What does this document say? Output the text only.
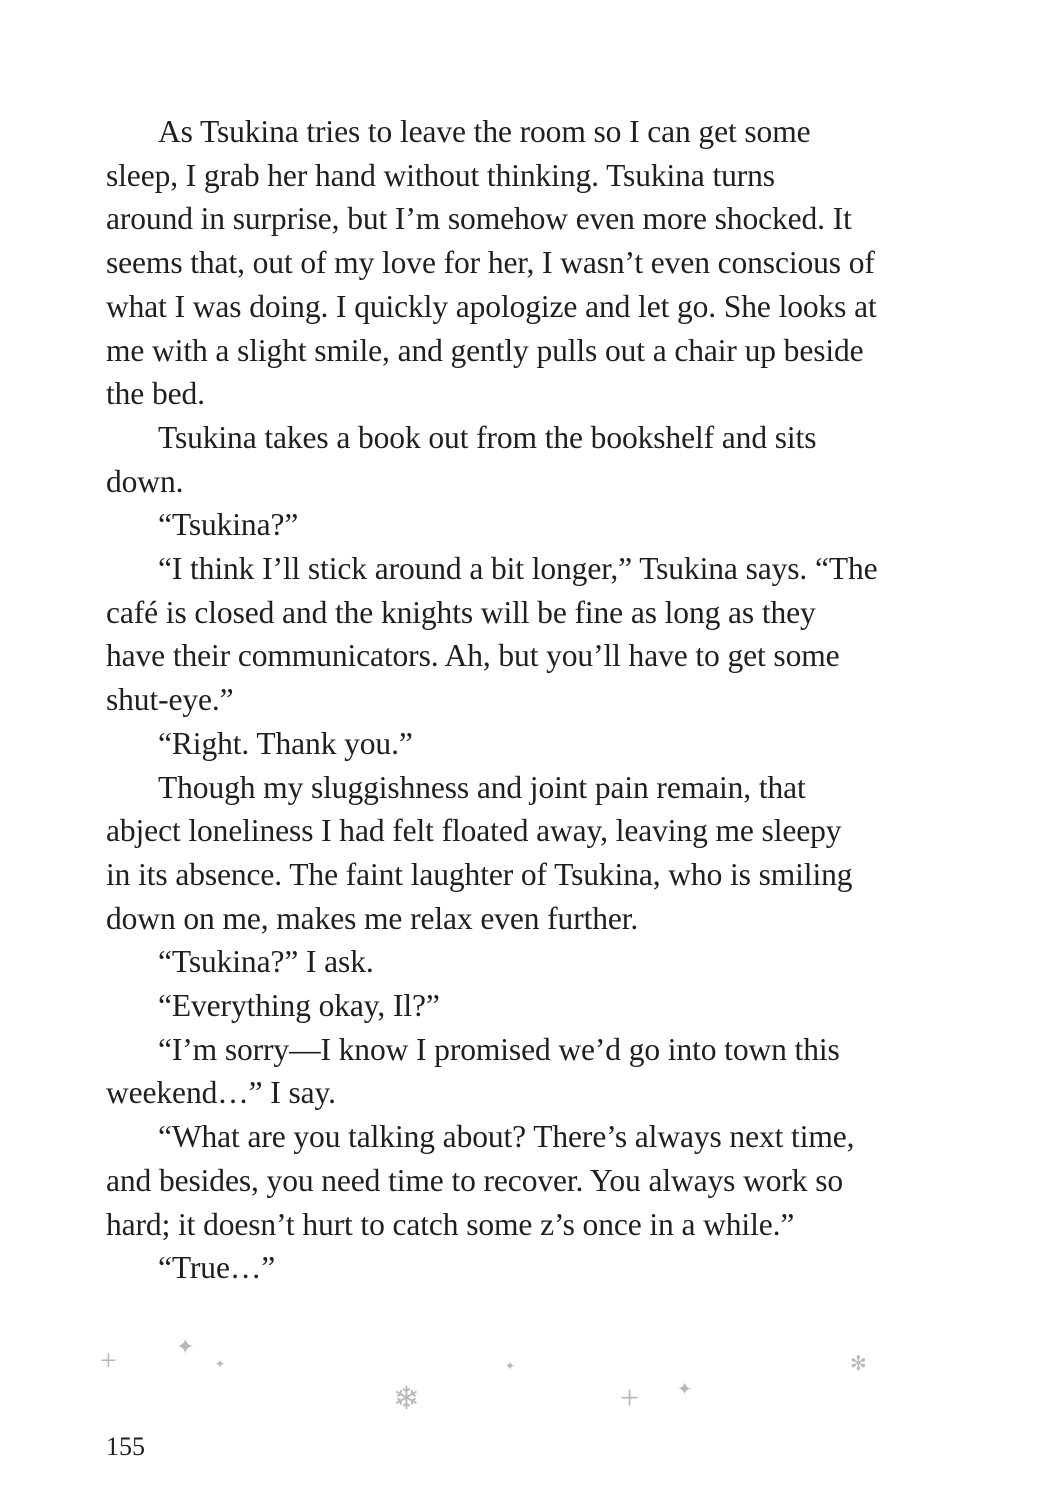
As Tsukina tries to leave the room so I can get some
sleep, I grab her hand without thinking. Tsukina turns
around in surprise, but I’m somehow even more shocked. It
seems that, out of my love for her, I wasn’t even conscious of
what I was doing. I quickly apologize and let go. She looks at
me with a slight smile, and gently pulls out a chair up beside
the bed.

Tsukina takes a book out from the bookshelf and sits
down.

“Tsukina?”

“I think I’ll stick around a bit longer,” Tsukina says. “The
café is closed and the knights will be fine as long as they
have their communicators. Ah, but you’ll have to get some
shut-eye.”

“Right. Thank you.”

Though my sluggishness and joint pain remain, that
abject loneliness I had felt floated away, leaving me sleepy
in its absence. The faint laughter of Tsukina, who is smiling
down on me, makes me relax even further.

“Tsukina?” I ask.

“Everything okay, Il?”

“I’m sorry—I know I promised we’d go into town this
weekend…” I say.

“What are you talking about? There’s always next time,
and besides, you need time to recover. You always work so
hard; it doesn’t hurt to catch some z’s once in a while.”

“True…”

+	✦
✦
❄
✦
+ ✦
✻
155
